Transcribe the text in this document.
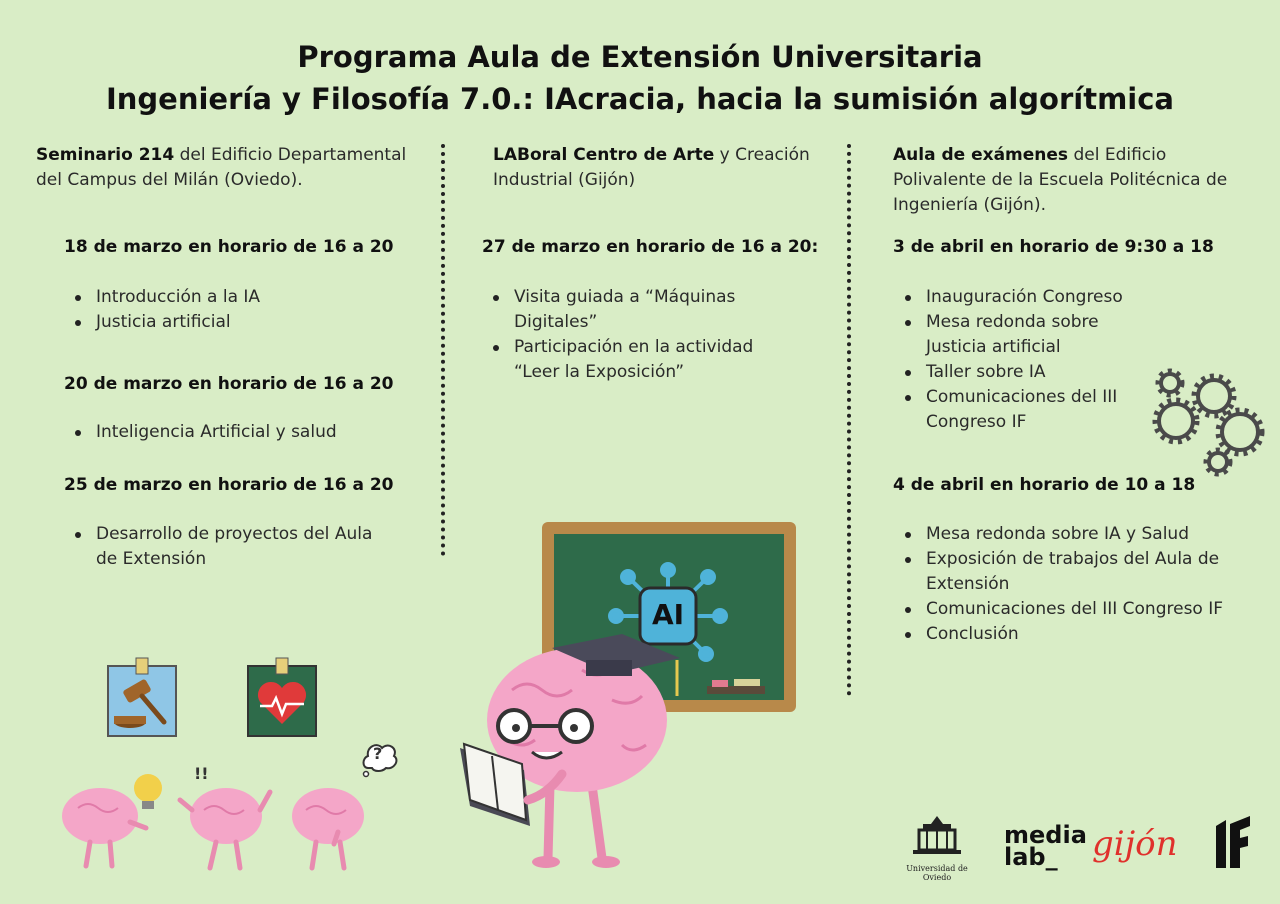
Programa Aula de Extensión Universitaria
Ingeniería y Filosofía 7.0.: IAcracia, hacia la sumisión algorítmica
Seminario 214 del Edificio Departamental del Campus del Milán (Oviedo).
18 de marzo en horario de 16 a 20
Introducción a la IA
Justicia artificial
20 de marzo en horario de 16 a 20
Inteligencia Artificial y salud
25 de marzo en horario de 16 a 20
Desarrollo de proyectos del Aula de Extensión
LABoral Centro de Arte y Creación Industrial (Gijón)
27 de marzo en horario de 16 a 20:
Visita guiada a “Máquinas Digitales”
Participación en la actividad “Leer la Exposición”
Aula de exámenes del Edificio Polivalente de la Escuela Politécnica de Ingeniería (Gijón).
3 de abril en horario de 9:30 a 18
Inauguración Congreso
Mesa redonda sobre Justicia artificial
Taller sobre IA
Comunicaciones del III Congreso IF
4 de abril en horario de 10 a 18
Mesa redonda sobre IA y Salud
Exposición de trabajos del Aula de Extensión
Comunicaciones del III Congreso IF
Conclusión
AI
!!
?
Universidad de Oviedo
media
lab_	gijón
